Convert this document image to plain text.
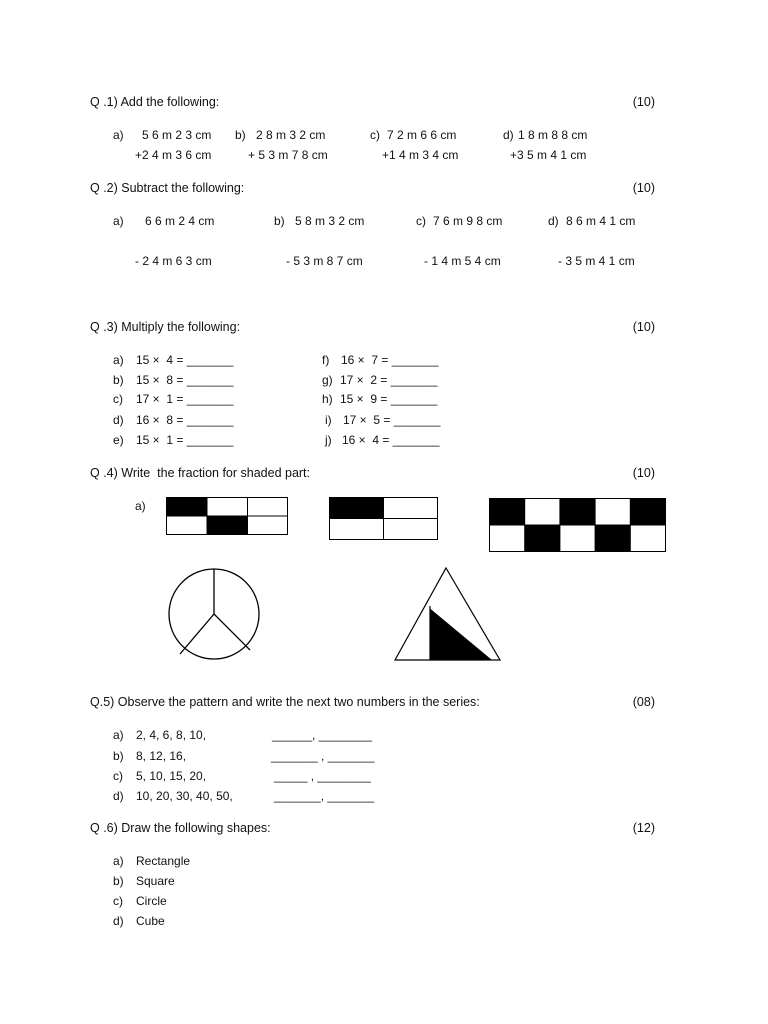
Q .1) Add the following:	(10)
a) 5 6 m 2 3 cm
+2 4 m 3 6 cm
b) 2 8 m 3 2 cm
+ 5 3 m 7 8 cm
c) 7 2 m 6 6 cm
+1 4 m 3 4 cm
d) 1 8 m 8 8 cm
+3 5 m 4 1 cm
Q .2) Subtract the following:	(10)
a) 6 6 m 2 4 cm
- 2 4 m 6 3 cm
b) 5 8 m 3 2 cm
- 5 3 m 8 7 cm
c) 7 6 m 9 8 cm
- 1 4 m 5 4 cm
d) 8 6 m 4 1 cm
- 3 5 m 4 1 cm
Q .3) Multiply the following:	(10)
a) 15 ×  4 = _______
b) 15 ×  8 = _______
c) 17 ×  1 = _______
d) 16 ×  8 = _______
e) 15 ×  1 = _______
f) 16 ×  7 = _______
g) 17 ×  2 = _______
h) 15 ×  9 = _______
i) 17 ×  5 = _______
j) 16 ×  4 = _______
Q .4) Write  the fraction for shaded part:	(10)
a)
Q.5) Observe the pattern and write the next two numbers in the series:	(08)
a) 2, 4, 6, 8, 10,	______, ________
b) 8, 12, 16,	_______ , _______
c) 5, 10, 15, 20,	_____ , ________
d) 10, 20, 30, 40, 50,	_______, _______
Q .6) Draw the following shapes:	(12)
a) Rectangle
b) Square
c) Circle
d) Cube
